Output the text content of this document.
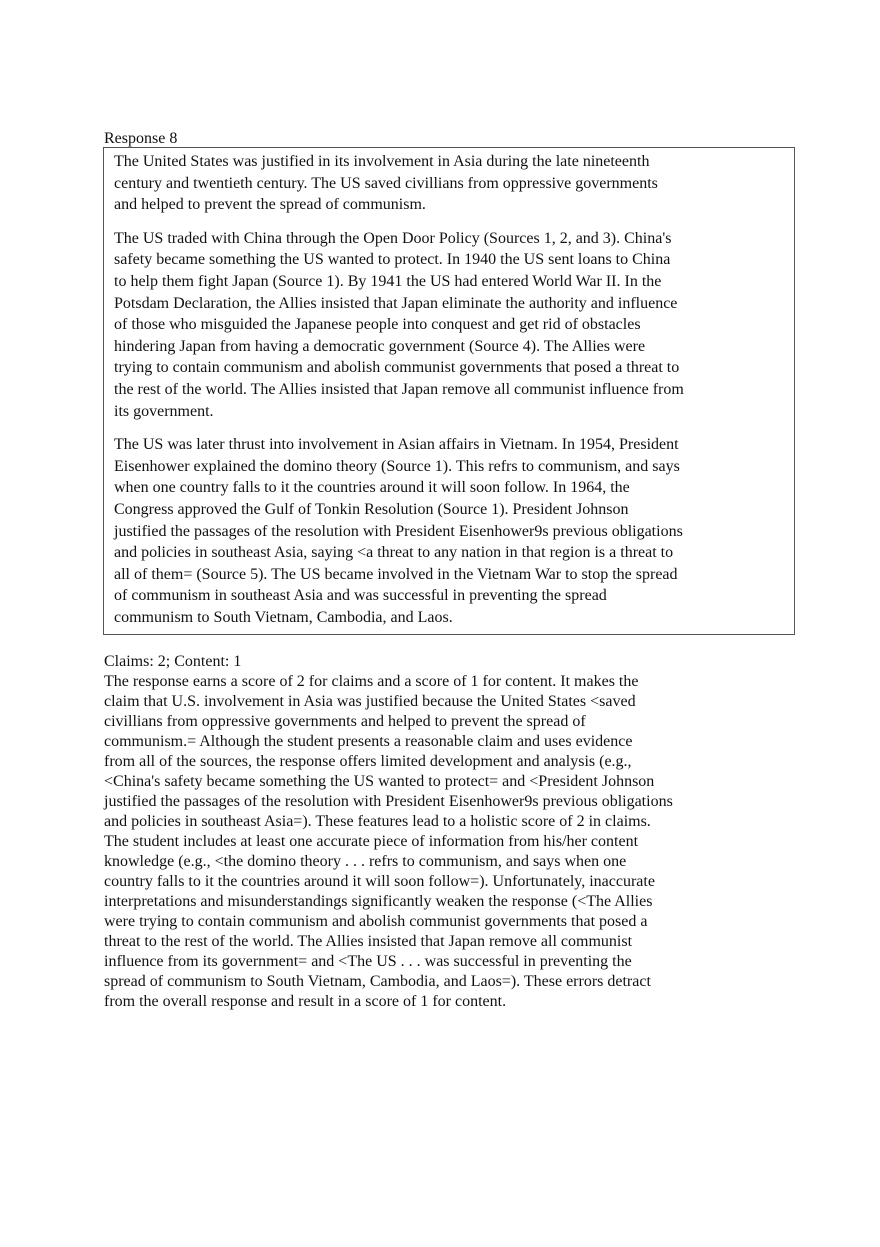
Response 8

The United States was justified in its involvement in Asia during the late nineteenth
century and twentieth century. The US saved civillians from oppressive governments
and helped to prevent the spread of communism.

The US traded with China through the Open Door Policy (Sources 1, 2, and 3). China's
safety became something the US wanted to protect. In 1940 the US sent loans to China
to help them fight Japan (Source 1). By 1941 the US had entered World War II. In the
Potsdam Declaration, the Allies insisted that Japan eliminate the authority and influence
of those who misguided the Japanese people into conquest and get rid of obstacles
hindering Japan from having a democratic government (Source 4). The Allies were
trying to contain communism and abolish communist governments that posed a threat to
the rest of the world. The Allies insisted that Japan remove all communist influence from
its government.

The US was later thrust into involvement in Asian affairs in Vietnam. In 1954, President
Eisenhower explained the domino theory (Source 1). This refrs to communism, and says
when one country falls to it the countries around it will soon follow. In 1964, the
Congress approved the Gulf of Tonkin Resolution (Source 1). President Johnson
justified the passages of the resolution with President Eisenhower9s previous obligations
and policies in southeast Asia, saying <a threat to any nation in that region is a threat to
all of them= (Source 5). The US became involved in the Vietnam War to stop the spread
of communism in southeast Asia and was successful in preventing the spread
communism to South Vietnam, Cambodia, and Laos.

Claims: 2; Content: 1
The response earns a score of 2 for claims and a score of 1 for content. It makes the
claim that U.S. involvement in Asia was justified because the United States <saved
civillians from oppressive governments and helped to prevent the spread of
communism.= Although the student presents a reasonable claim and uses evidence
from all of the sources, the response offers limited development and analysis (e.g.,
<China's safety became something the US wanted to protect= and <President Johnson
justified the passages of the resolution with President Eisenhower9s previous obligations
and policies in southeast Asia=). These features lead to a holistic score of 2 in claims.
The student includes at least one accurate piece of information from his/her content
knowledge (e.g., <the domino theory . . . refrs to communism, and says when one
country falls to it the countries around it will soon follow=). Unfortunately, inaccurate
interpretations and misunderstandings significantly weaken the response (<The Allies
were trying to contain communism and abolish communist governments that posed a
threat to the rest of the world. The Allies insisted that Japan remove all communist
influence from its government= and <The US . . . was successful in preventing the
spread of communism to South Vietnam, Cambodia, and Laos=). These errors detract
from the overall response and result in a score of 1 for content.
